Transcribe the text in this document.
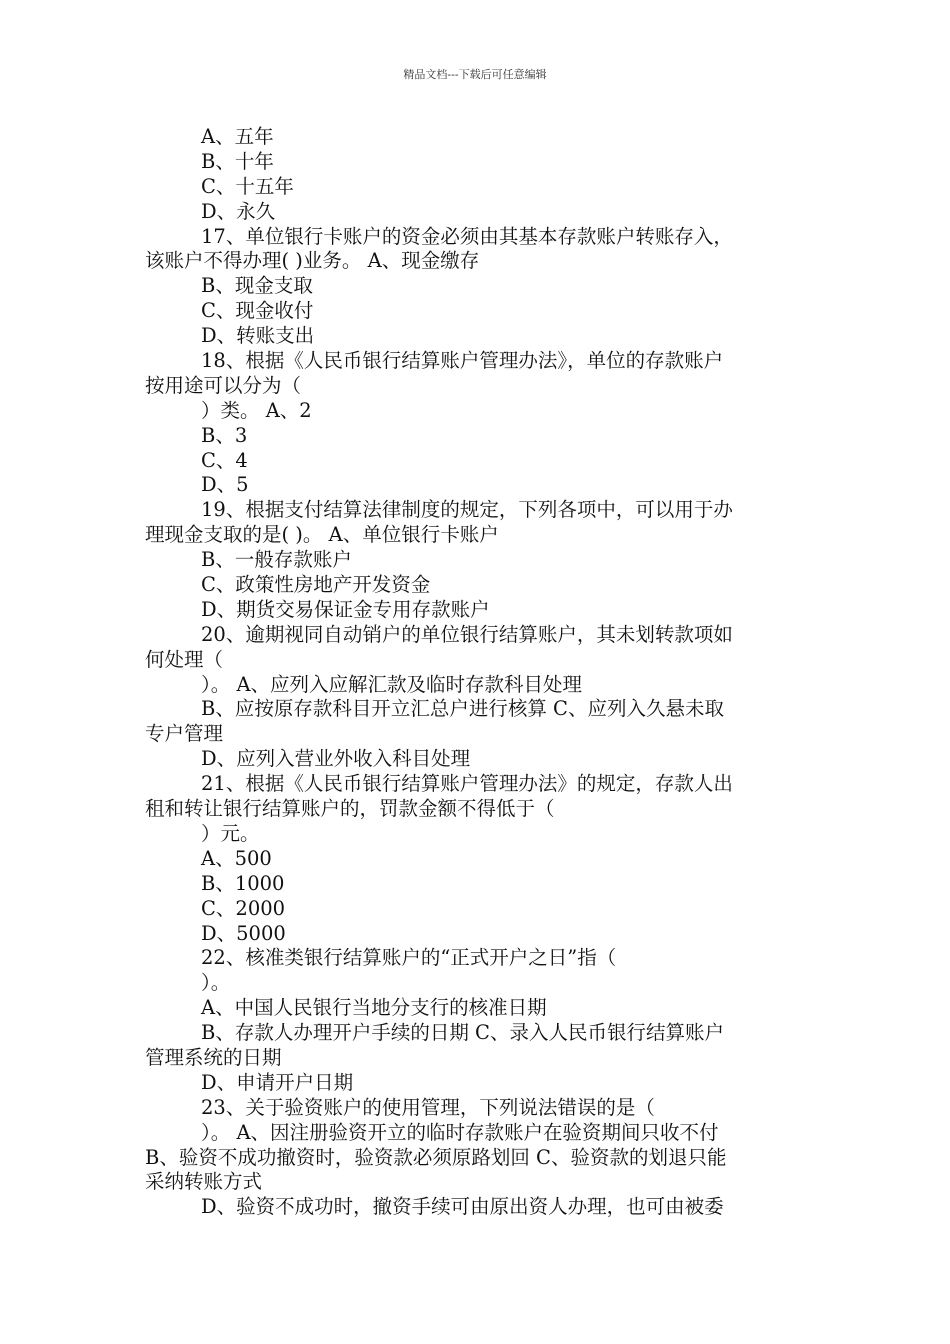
精品文档---下载后可任意编辑
A、五年
B、十年
C、十五年
D、永久
17、单位银行卡账户的资金必须由其基本存款账户转账存入，
该账户不得办理( )业务。 A、现金缴存
B、现金支取
C、现金收付
D、转账支出
18、根据《人民币银行结算账户管理办法》，单位的存款账户
按用途可以分为（
）类。 A、2
B、3
C、4
D、5
19、根据支付结算法律制度的规定，下列各项中，可以用于办
理现金支取的是( )。 A、单位银行卡账户
B、一般存款账户
C、政策性房地产开发资金
D、期货交易保证金专用存款账户
20、逾期视同自动销户的单位银行结算账户，其未划转款项如
何处理（
）。 A、应列入应解汇款及临时存款科目处理
B、应按原存款科目开立汇总户进行核算 C、应列入久悬未取
专户管理
D、应列入营业外收入科目处理
21、根据《人民币银行结算账户管理办法》的规定，存款人出
租和转让银行结算账户的，罚款金额不得低于（
）元。
A、500
B、1000
C、2000
D、5000
22、核准类银行结算账户的“正式开户之日”指（
）。
A、中国人民银行当地分支行的核准日期
B、存款人办理开户手续的日期 C、录入人民币银行结算账户
管理系统的日期
D、申请开户日期
23、关于验资账户的使用管理，下列说法错误的是（
）。 A、因注册验资开立的临时存款账户在验资期间只收不付
B、验资不成功撤资时，验资款必须原路划回 C、验资款的划退只能
采纳转账方式
D、验资不成功时，撤资手续可由原出资人办理，也可由被委
